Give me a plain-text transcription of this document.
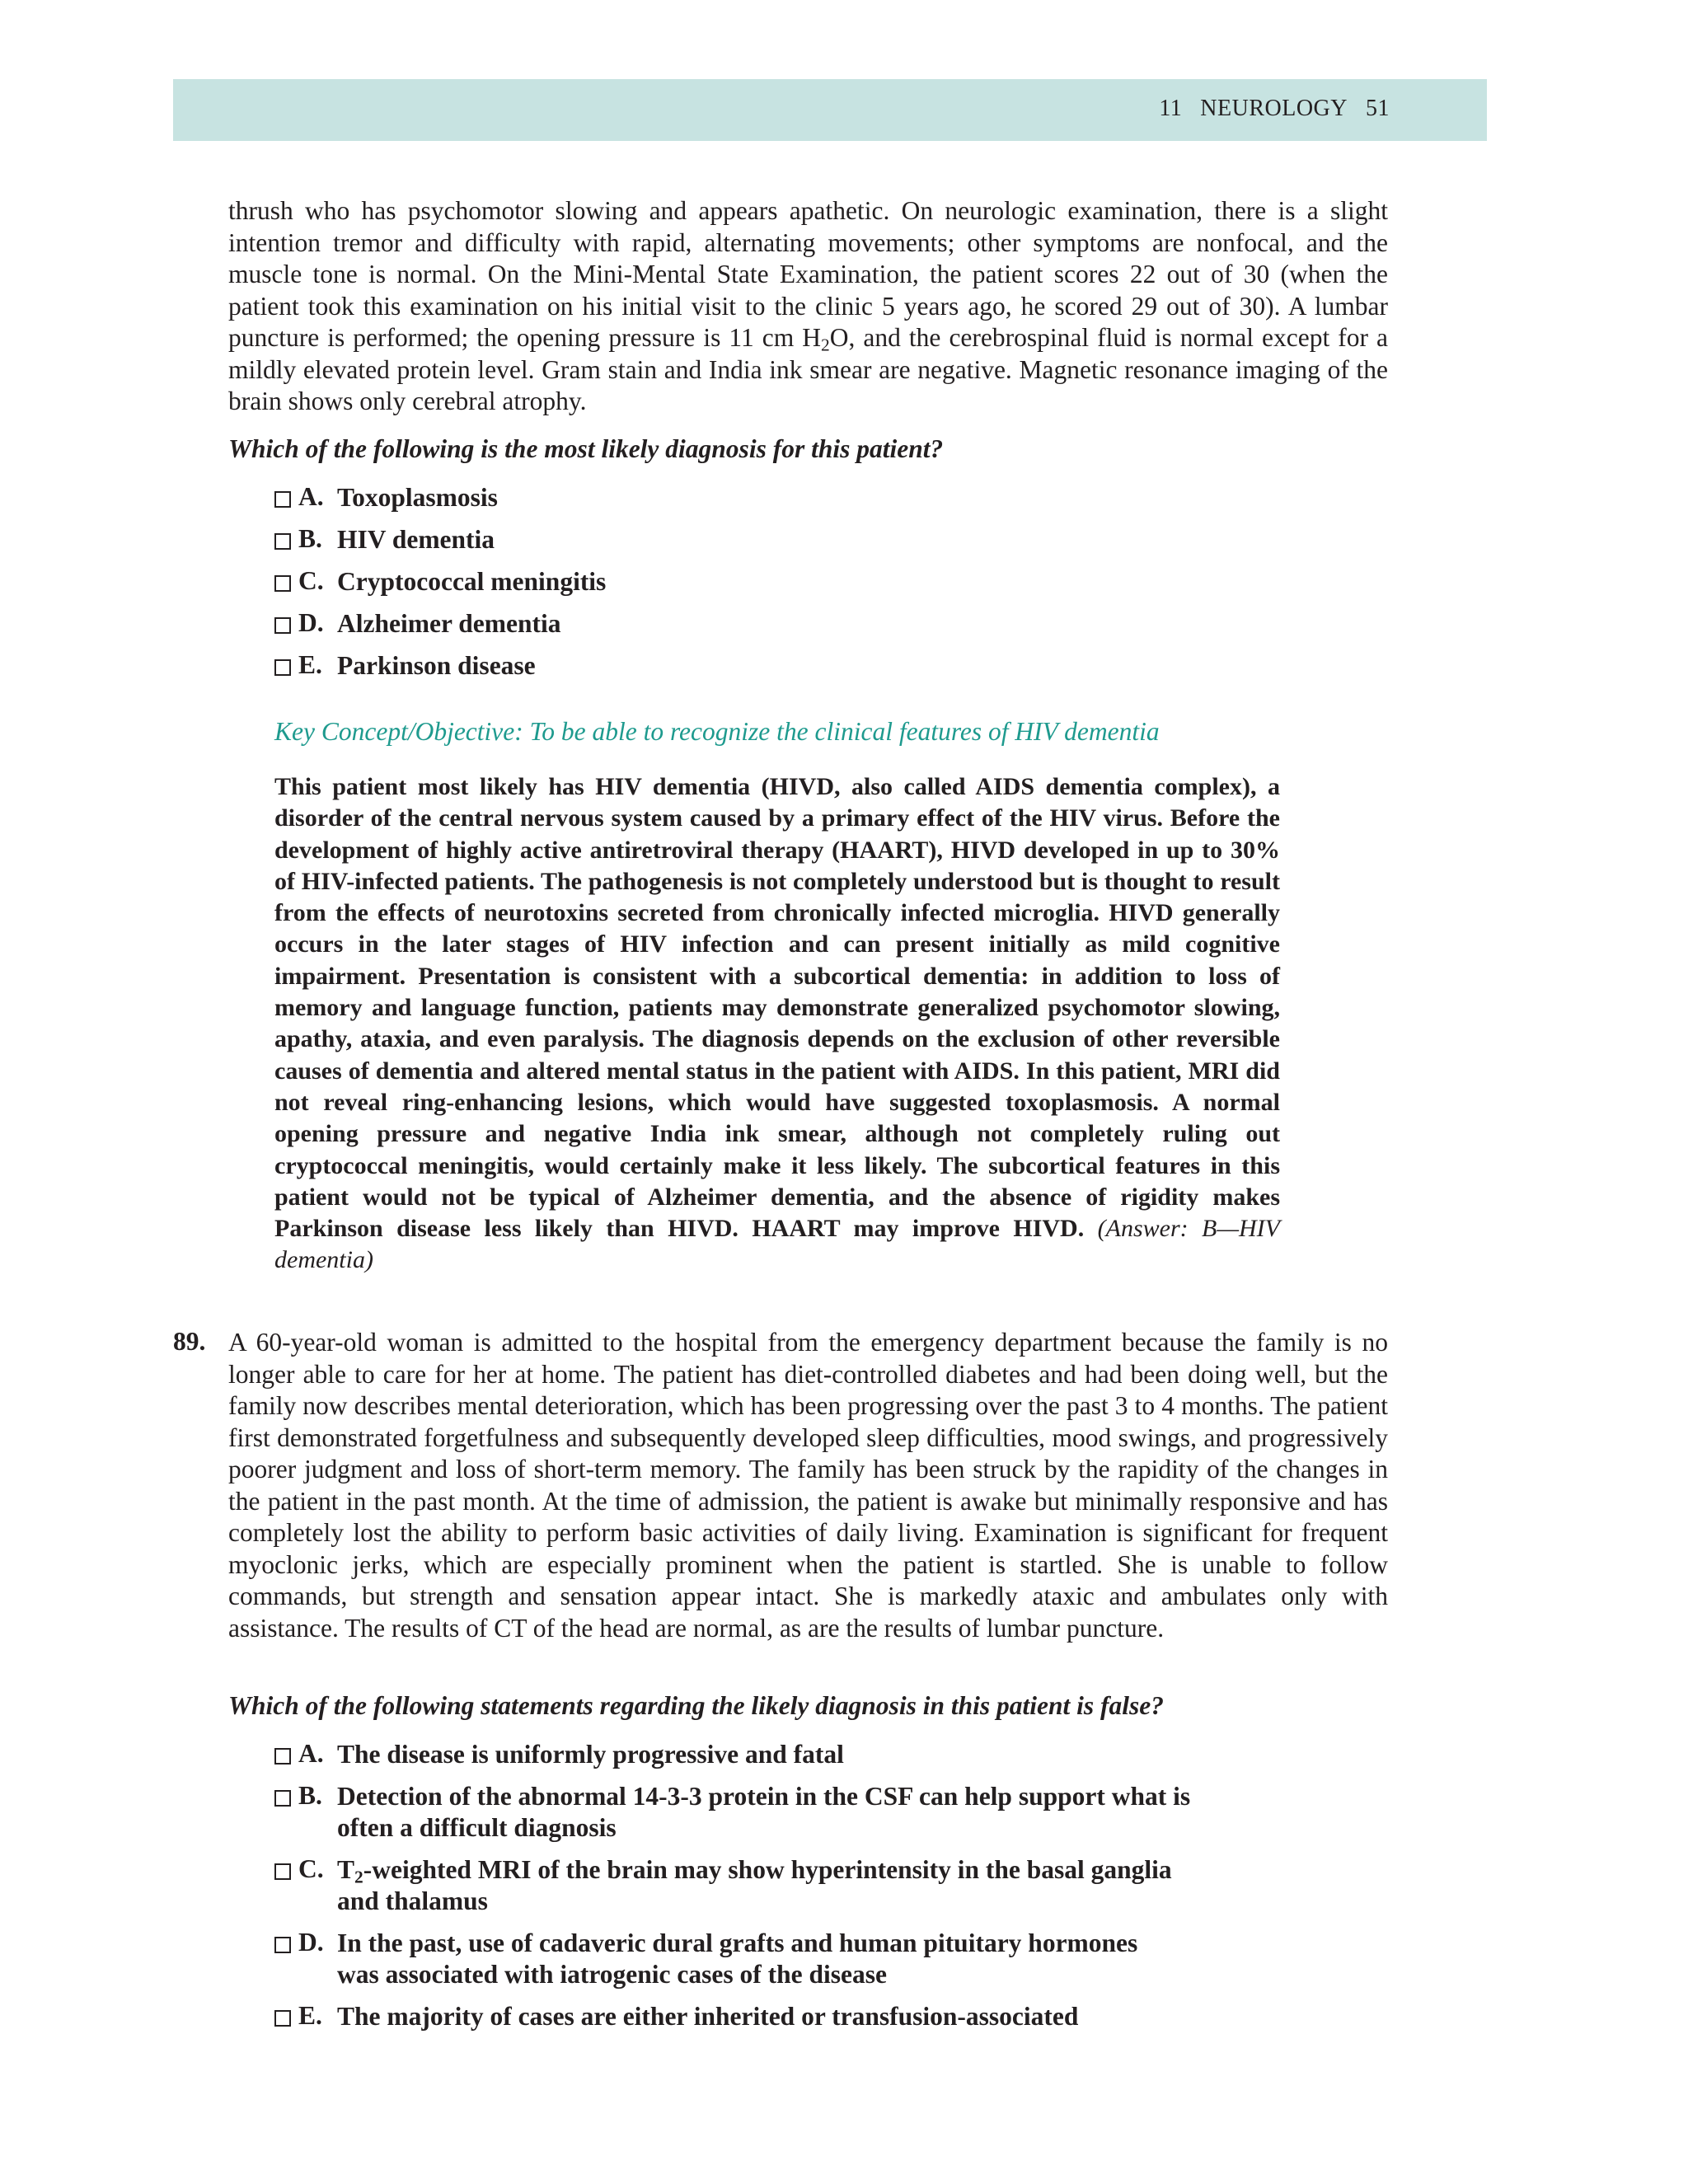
11 NEUROLOGY 51

thrush who has psychomotor slowing and appears apathetic. On neurologic examination, there is a slight intention tremor and difficulty with rapid, alternating movements; other symptoms are nonfocal, and the muscle tone is normal. On the Mini-Mental State Examination, the patient scores 22 out of 30 (when the patient took this examination on his initial visit to the clinic 5 years ago, he scored 29 out of 30). A lumbar puncture is performed; the opening pressure is 11 cm $H_2O$, and the cerebrospinal fluid is normal except for a mildly elevated protein level. Gram stain and India ink smear are negative. Magnetic resonance imaging of the brain shows only cerebral atrophy.

Which of the following is the most likely diagnosis for this patient?

A. Toxoplasmosis
B. HIV dementia
C. Cryptococcal meningitis
D. Alzheimer dementia
E. Parkinson disease

Key Concept/Objective: To be able to recognize the clinical features of HIV dementia

This patient most likely has HIV dementia (HIVD, also called AIDS dementia complex), a disorder of the central nervous system caused by a primary effect of the HIV virus. Before the development of highly active antiretroviral therapy (HAART), HIVD developed in up to 30% of HIV-infected patients. The pathogenesis is not completely understood but is thought to result from the effects of neurotoxins secreted from chronically infected microglia. HIVD generally occurs in the later stages of HIV infection and can present initially as mild cognitive impairment. Presentation is consistent with a subcortical dementia: in addition to loss of memory and language function, patients may demonstrate generalized psychomotor slowing, apathy, ataxia, and even paralysis. The diagnosis depends on the exclusion of other reversible causes of dementia and altered mental status in the patient with AIDS. In this patient, MRI did not reveal ring-enhancing lesions, which would have suggested toxoplasmosis. A normal opening pressure and negative India ink smear, although not completely ruling out cryptococcal meningitis, would certainly make it less likely. The subcortical features in this patient would not be typical of Alzheimer dementia, and the absence of rigidity makes Parkinson disease less likely than HIVD. HAART may improve HIVD. (Answer: B—HIV dementia)

89. A 60-year-old woman is admitted to the hospital from the emergency department because the family is no longer able to care for her at home. The patient has diet-controlled diabetes and had been doing well, but the family now describes mental deterioration, which has been progressing over the past 3 to 4 months. The patient first demonstrated forgetfulness and subsequently developed sleep difficulties, mood swings, and progressively poorer judgment and loss of short-term memory. The family has been struck by the rapidity of the changes in the patient in the past month. At the time of admission, the patient is awake but minimally responsive and has completely lost the ability to perform basic activities of daily living. Examination is significant for frequent myoclonic jerks, which are especially prominent when the patient is startled. She is unable to follow commands, but strength and sensation appear intact. She is markedly ataxic and ambulates only with assistance. The results of CT of the head are normal, as are the results of lumbar puncture.

Which of the following statements regarding the likely diagnosis in this patient is false?

A. The disease is uniformly progressive and fatal
B. Detection of the abnormal 14-3-3 protein in the CSF can help support what is often a difficult diagnosis
C. $T_2$-weighted MRI of the brain may show hyperintensity in the basal ganglia and thalamus
D. In the past, use of cadaveric dural grafts and human pituitary hormones was associated with iatrogenic cases of the disease
E. The majority of cases are either inherited or transfusion-associated
